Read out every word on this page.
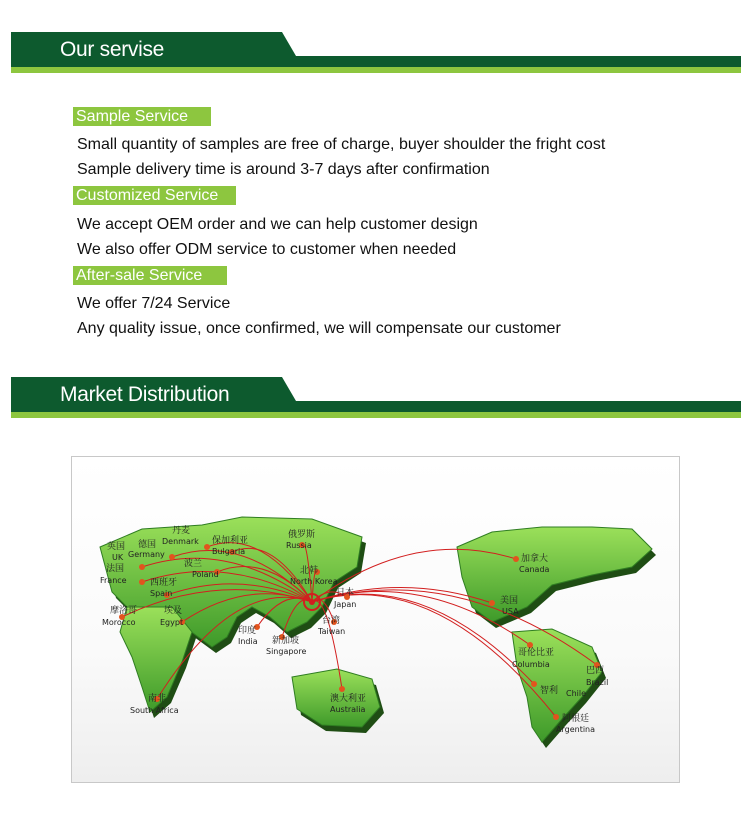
Our servise
Sample Service
Small quantity of samples are free of charge, buyer shoulder the fright cost
Sample delivery time is around 3-7 days after confirmation
Customized Service
We accept OEM order and we can help customer design
We also offer ODM service to customer when needed
After-sale Service
We offer 7/24 Service
Any quality issue, once confirmed, we will compensate our customer
Market Distribution
丹麦
Denmark
德国
Germany
保加利亚
Bulgaria
英国
UK
波兰
Poland
法国
France	西班牙
Spain
埃及
Egypt
摩洛哥
Morocco
印度
India 新加坡
Singapore
俄罗斯
Russia
北韩
North Korea
日本
Japan
台湾
Taiwan
澳大利亚
Australia
南非
South Africa
加拿大
Canada
美国
USA
哥伦比亚
Columbia
巴西
Brazil
智利 Chile
阿根廷
Argentina
